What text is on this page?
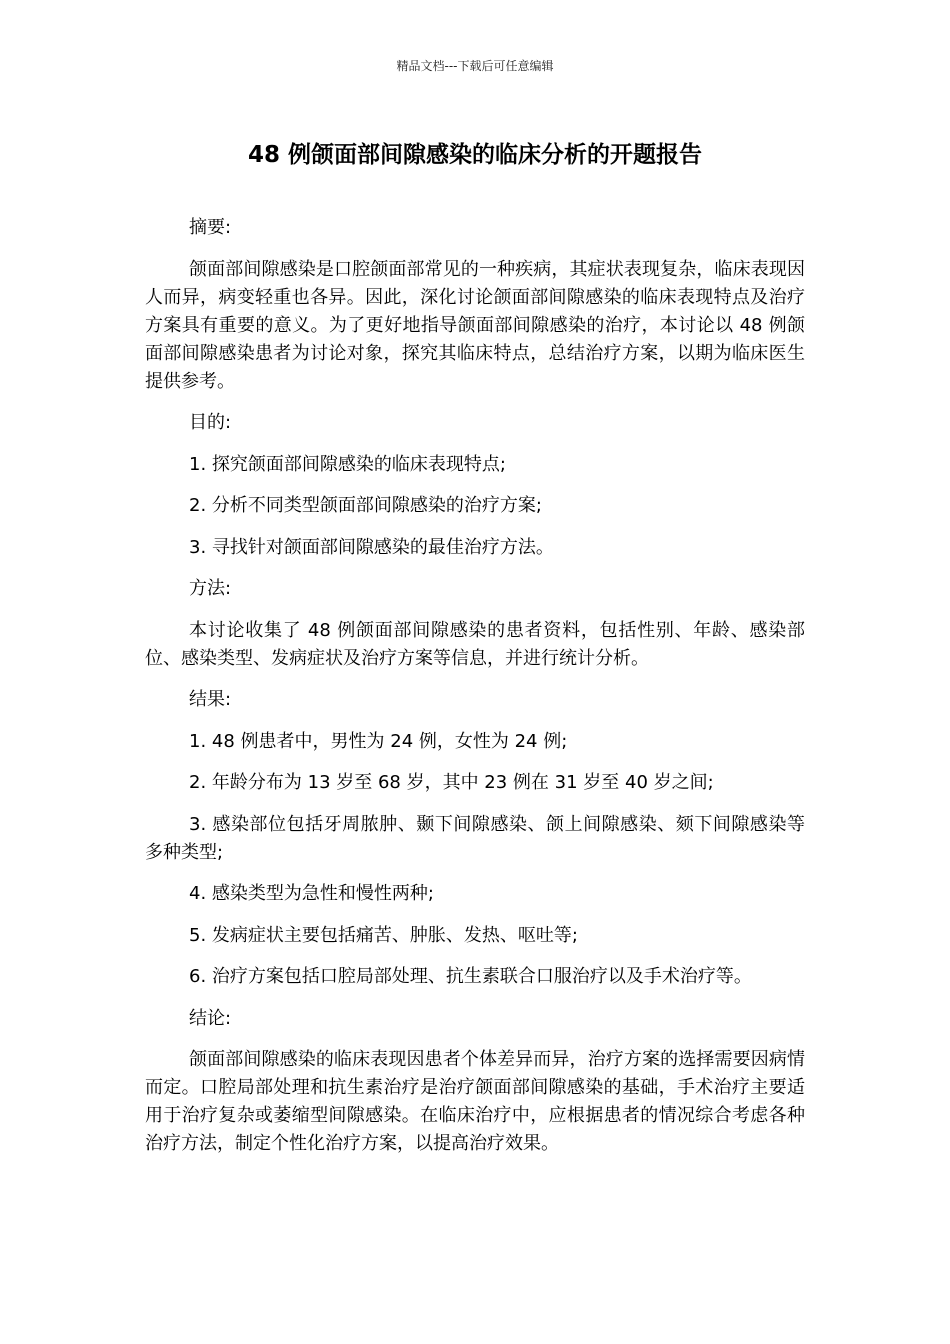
精品文档---下载后可任意编辑
48 例颌面部间隙感染的临床分析的开题报告

摘要:

颌面部间隙感染是口腔颌面部常见的一种疾病，其症状表现复杂，临床表现因人而异，病变轻重也各异。因此，深化讨论颌面部间隙感染的临床表现特点及治疗方案具有重要的意义。为了更好地指导颌面部间隙感染的治疗，本讨论以 48 例颌面部间隙感染患者为讨论对象，探究其临床特点，总结治疗方案，以期为临床医生提供参考。

目的:

1. 探究颌面部间隙感染的临床表现特点;

2. 分析不同类型颌面部间隙感染的治疗方案;

3. 寻找针对颌面部间隙感染的最佳治疗方法。

方法:

本讨论收集了 48 例颌面部间隙感染的患者资料，包括性别、年龄、感染部位、感染类型、发病症状及治疗方案等信息，并进行统计分析。

结果:

1. 48 例患者中，男性为 24 例，女性为 24 例;

2. 年龄分布为 13 岁至 68 岁，其中 23 例在 31 岁至 40 岁之间;

3. 感染部位包括牙周脓肿、颞下间隙感染、颌上间隙感染、颏下间隙感染等多种类型;

4. 感染类型为急性和慢性两种;

5. 发病症状主要包括痛苦、肿胀、发热、呕吐等;

6. 治疗方案包括口腔局部处理、抗生素联合口服治疗以及手术治疗等。

结论:

颌面部间隙感染的临床表现因患者个体差异而异，治疗方案的选择需要因病情而定。口腔局部处理和抗生素治疗是治疗颌面部间隙感染的基础，手术治疗主要适用于治疗复杂或萎缩型间隙感染。在临床治疗中，应根据患者的情况综合考虑各种治疗方法，制定个性化治疗方案，以提高治疗效果。
